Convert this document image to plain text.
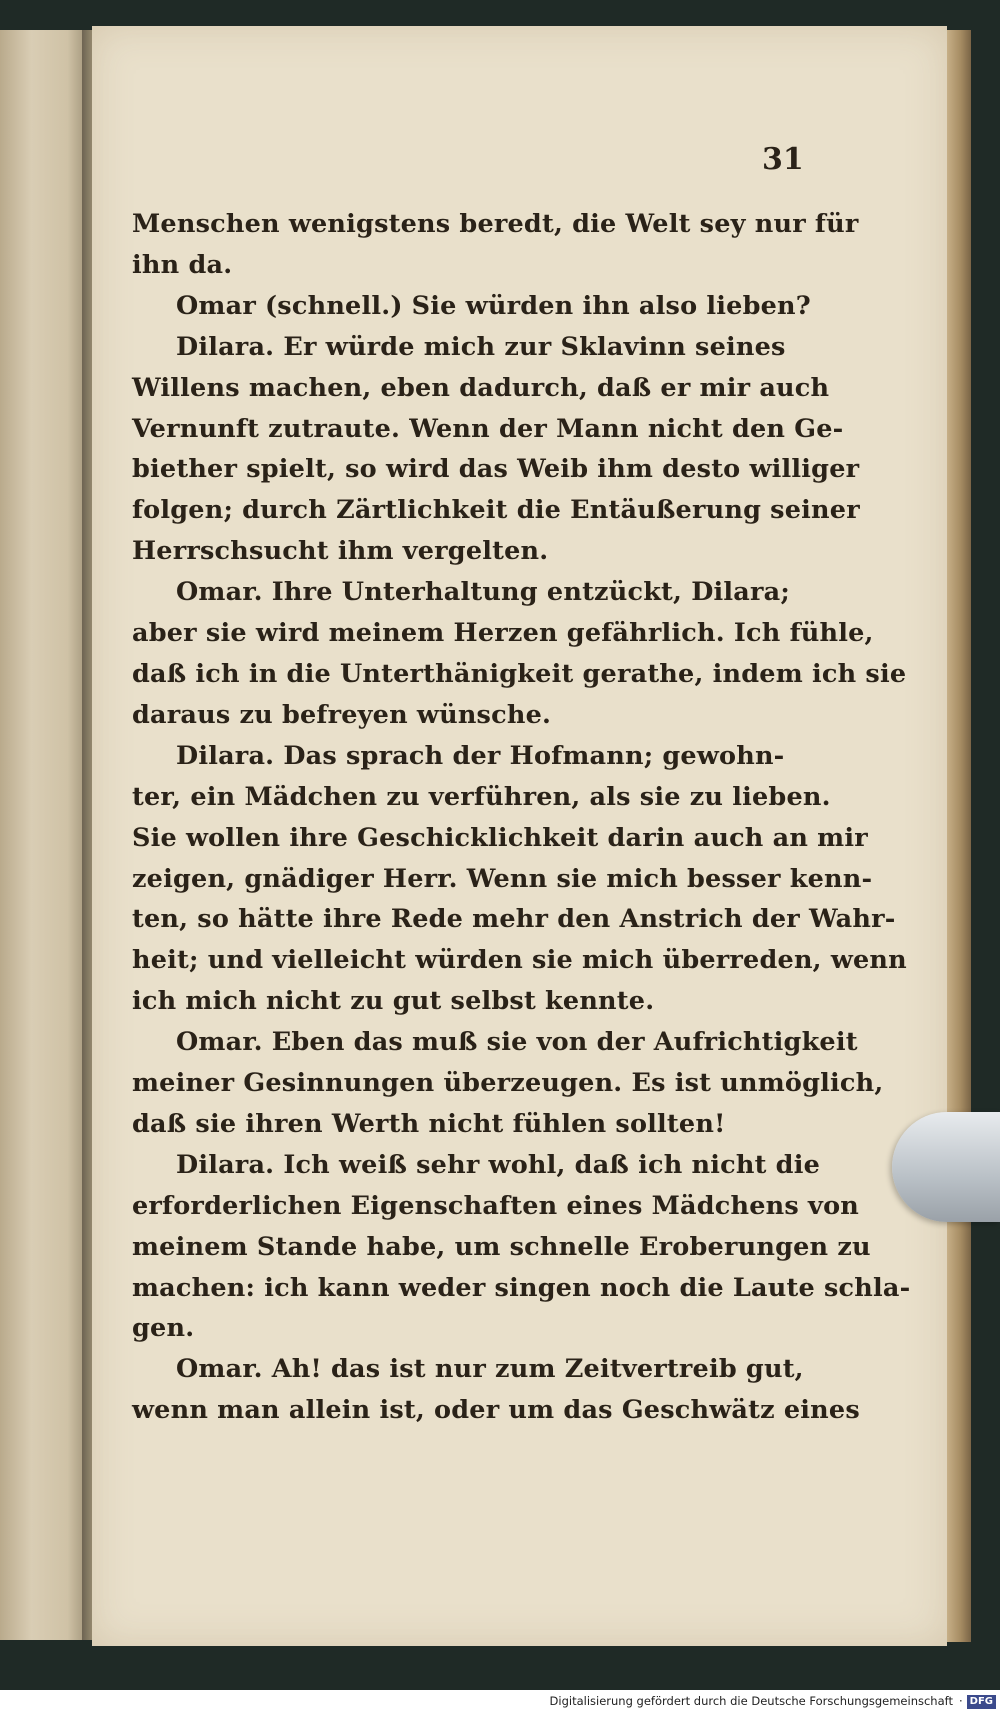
31
Menschen wenigstens beredt, die Welt sey nur für
ihn da.
Omar (schnell.) Sie würden ihn also lieben?
Dilara. Er würde mich zur Sklavinn seines
Willens machen, eben dadurch, daß er mir auch
Vernunft zutraute. Wenn der Mann nicht den Ge-
biether spielt, so wird das Weib ihm desto williger
folgen; durch Zärtlichkeit die Entäußerung seiner
Herrschsucht ihm vergelten.
Omar. Ihre Unterhaltung entzückt, Dilara;
aber sie wird meinem Herzen gefährlich. Ich fühle,
daß ich in die Unterthänigkeit gerathe, indem ich sie
daraus zu befreyen wünsche.
Dilara. Das sprach der Hofmann; gewohn-
ter, ein Mädchen zu verführen, als sie zu lieben.
Sie wollen ihre Geschicklichkeit darin auch an mir
zeigen, gnädiger Herr. Wenn sie mich besser kenn-
ten, so hätte ihre Rede mehr den Anstrich der Wahr-
heit; und vielleicht würden sie mich überreden, wenn
ich mich nicht zu gut selbst kennte.
Omar. Eben das muß sie von der Aufrichtigkeit
meiner Gesinnungen überzeugen. Es ist unmöglich,
daß sie ihren Werth nicht fühlen sollten!
Dilara. Ich weiß sehr wohl, daß ich nicht die
erforderlichen Eigenschaften eines Mädchens von
meinem Stande habe, um schnelle Eroberungen zu
machen: ich kann weder singen noch die Laute schla-
gen.
Omar. Ah! das ist nur zum Zeitvertreib gut,
wenn man allein ist, oder um das Geschwätz eines
Digitalisierung gefördert durch die Deutsche Forschungsgemeinschaft · DFG
